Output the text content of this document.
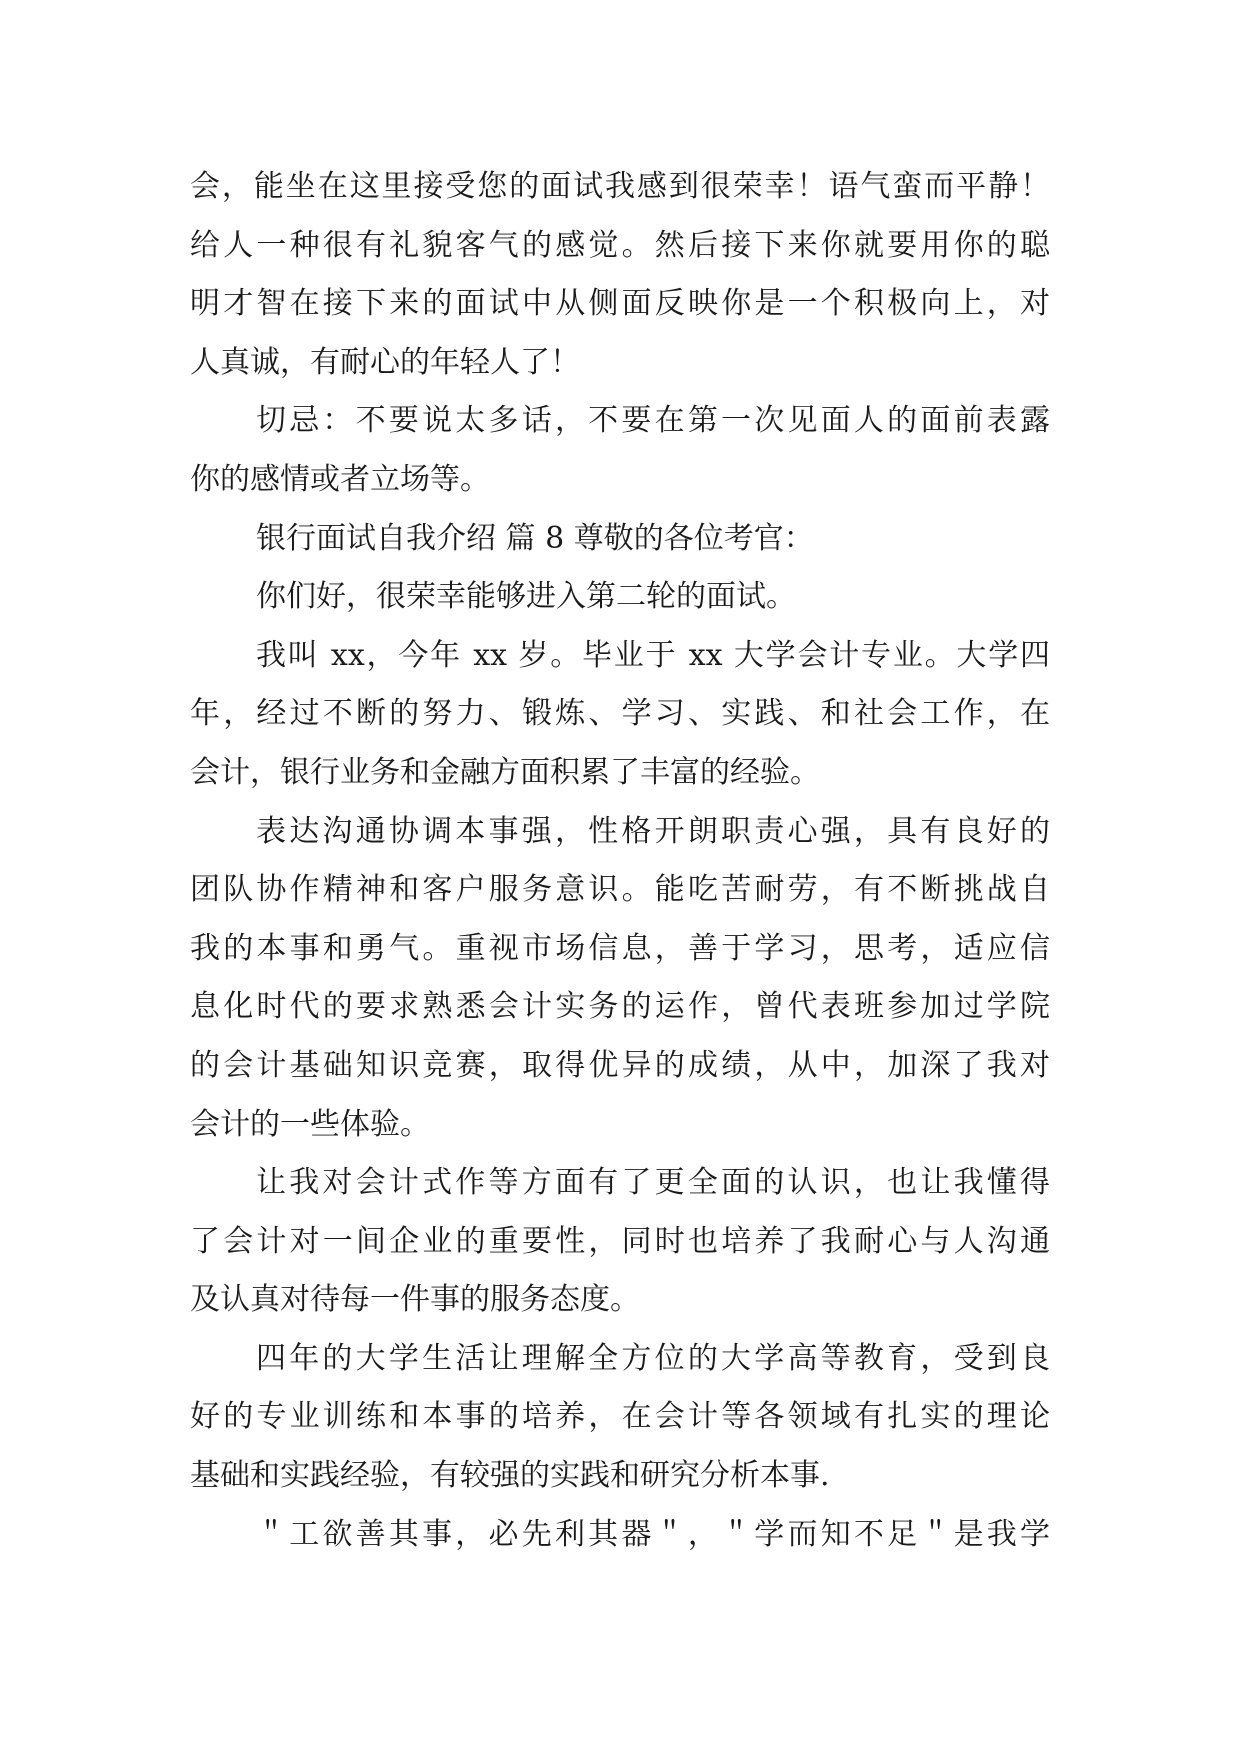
会，能坐在这里接受您的面试我感到很荣幸！语气蛮而平静！
给人一种很有礼貌客气的感觉。然后接下来你就要用你的聪
明才智在接下来的面试中从侧面反映你是一个积极向上，对
人真诚，有耐心的年轻人了！
切忌：不要说太多话，不要在第一次见面人的面前表露
你的感情或者立场等。
银行面试自我介绍 篇 8 尊敬的各位考官：
你们好，很荣幸能够进入第二轮的面试。
我叫 xx，今年 xx 岁。毕业于 xx 大学会计专业。大学四
年，经过不断的努力、锻炼、学习、实践、和社会工作，在
会计，银行业务和金融方面积累了丰富的经验。
表达沟通协调本事强，性格开朗职责心强，具有良好的
团队协作精神和客户服务意识。能吃苦耐劳，有不断挑战自
我的本事和勇气。重视市场信息，善于学习，思考，适应信
息化时代的要求熟悉会计实务的运作，曾代表班参加过学院
的会计基础知识竞赛，取得优异的成绩，从中，加深了我对
会计的一些体验。
让我对会计式作等方面有了更全面的认识，也让我懂得
了会计对一间企业的重要性，同时也培养了我耐心与人沟通
及认真对待每一件事的服务态度。
四年的大学生活让理解全方位的大学高等教育，受到良
好的专业训练和本事的培养，在会计等各领域有扎实的理论
基础和实践经验，有较强的实践和研究分析本事.
＂工欲善其事，必先利其器＂，＂学而知不足＂是我学
